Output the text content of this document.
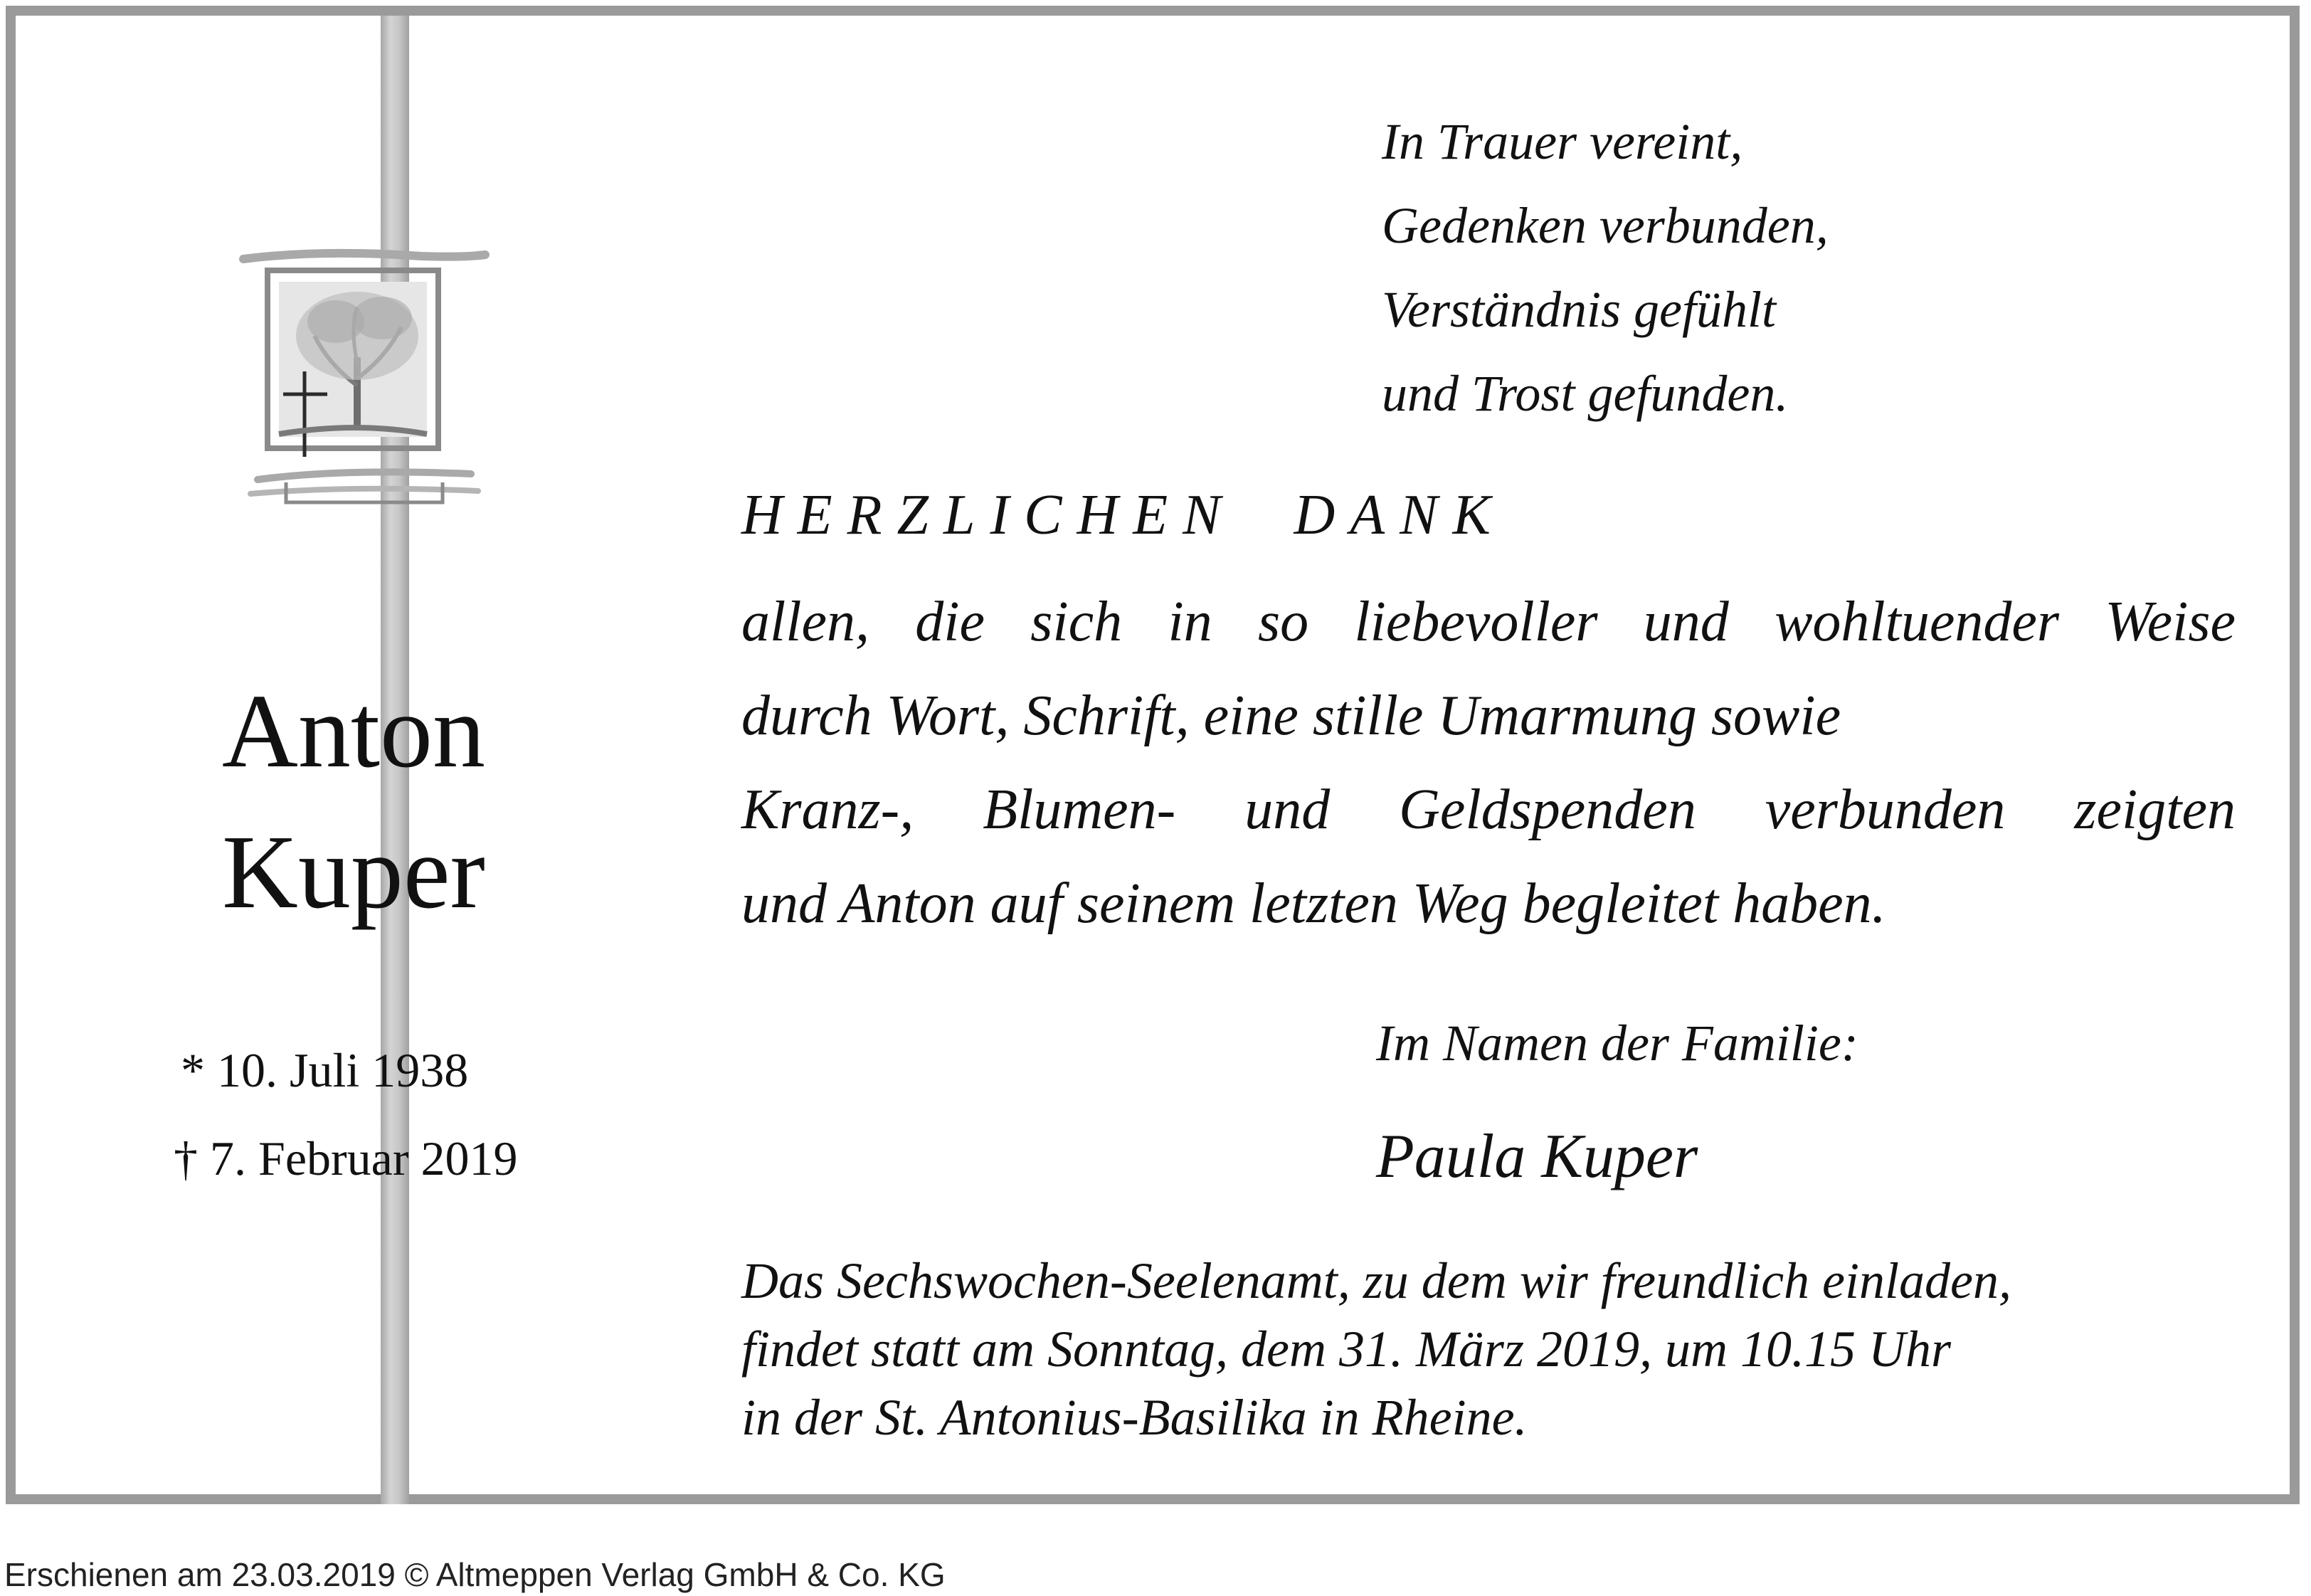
Anton

Kuper

* 10. Juli 1938

† 7. Februar 2019

In Trauer vereint,
Gedenken verbunden,
Verständnis gefühlt
und Trost gefunden.

HERZLICHEN  DANK

allen, die sich in so liebevoller und wohltuender Weise

durch Wort, Schrift, eine stille Umarmung sowie

Kranz-, Blumen- und Geldspenden verbunden zeigten

und Anton auf seinem letzten Weg begleitet haben.

Im Namen der Familie:

Paula Kuper

Das Sechswochen-Seelenamt, zu dem wir freundlich einladen,
findet statt am Sonntag, dem 31. März 2019, um 10.15 Uhr
in der St. Antonius-Basilika in Rheine.
Erschienen am 23.03.2019 © Altmeppen Verlag GmbH & Co. KG
